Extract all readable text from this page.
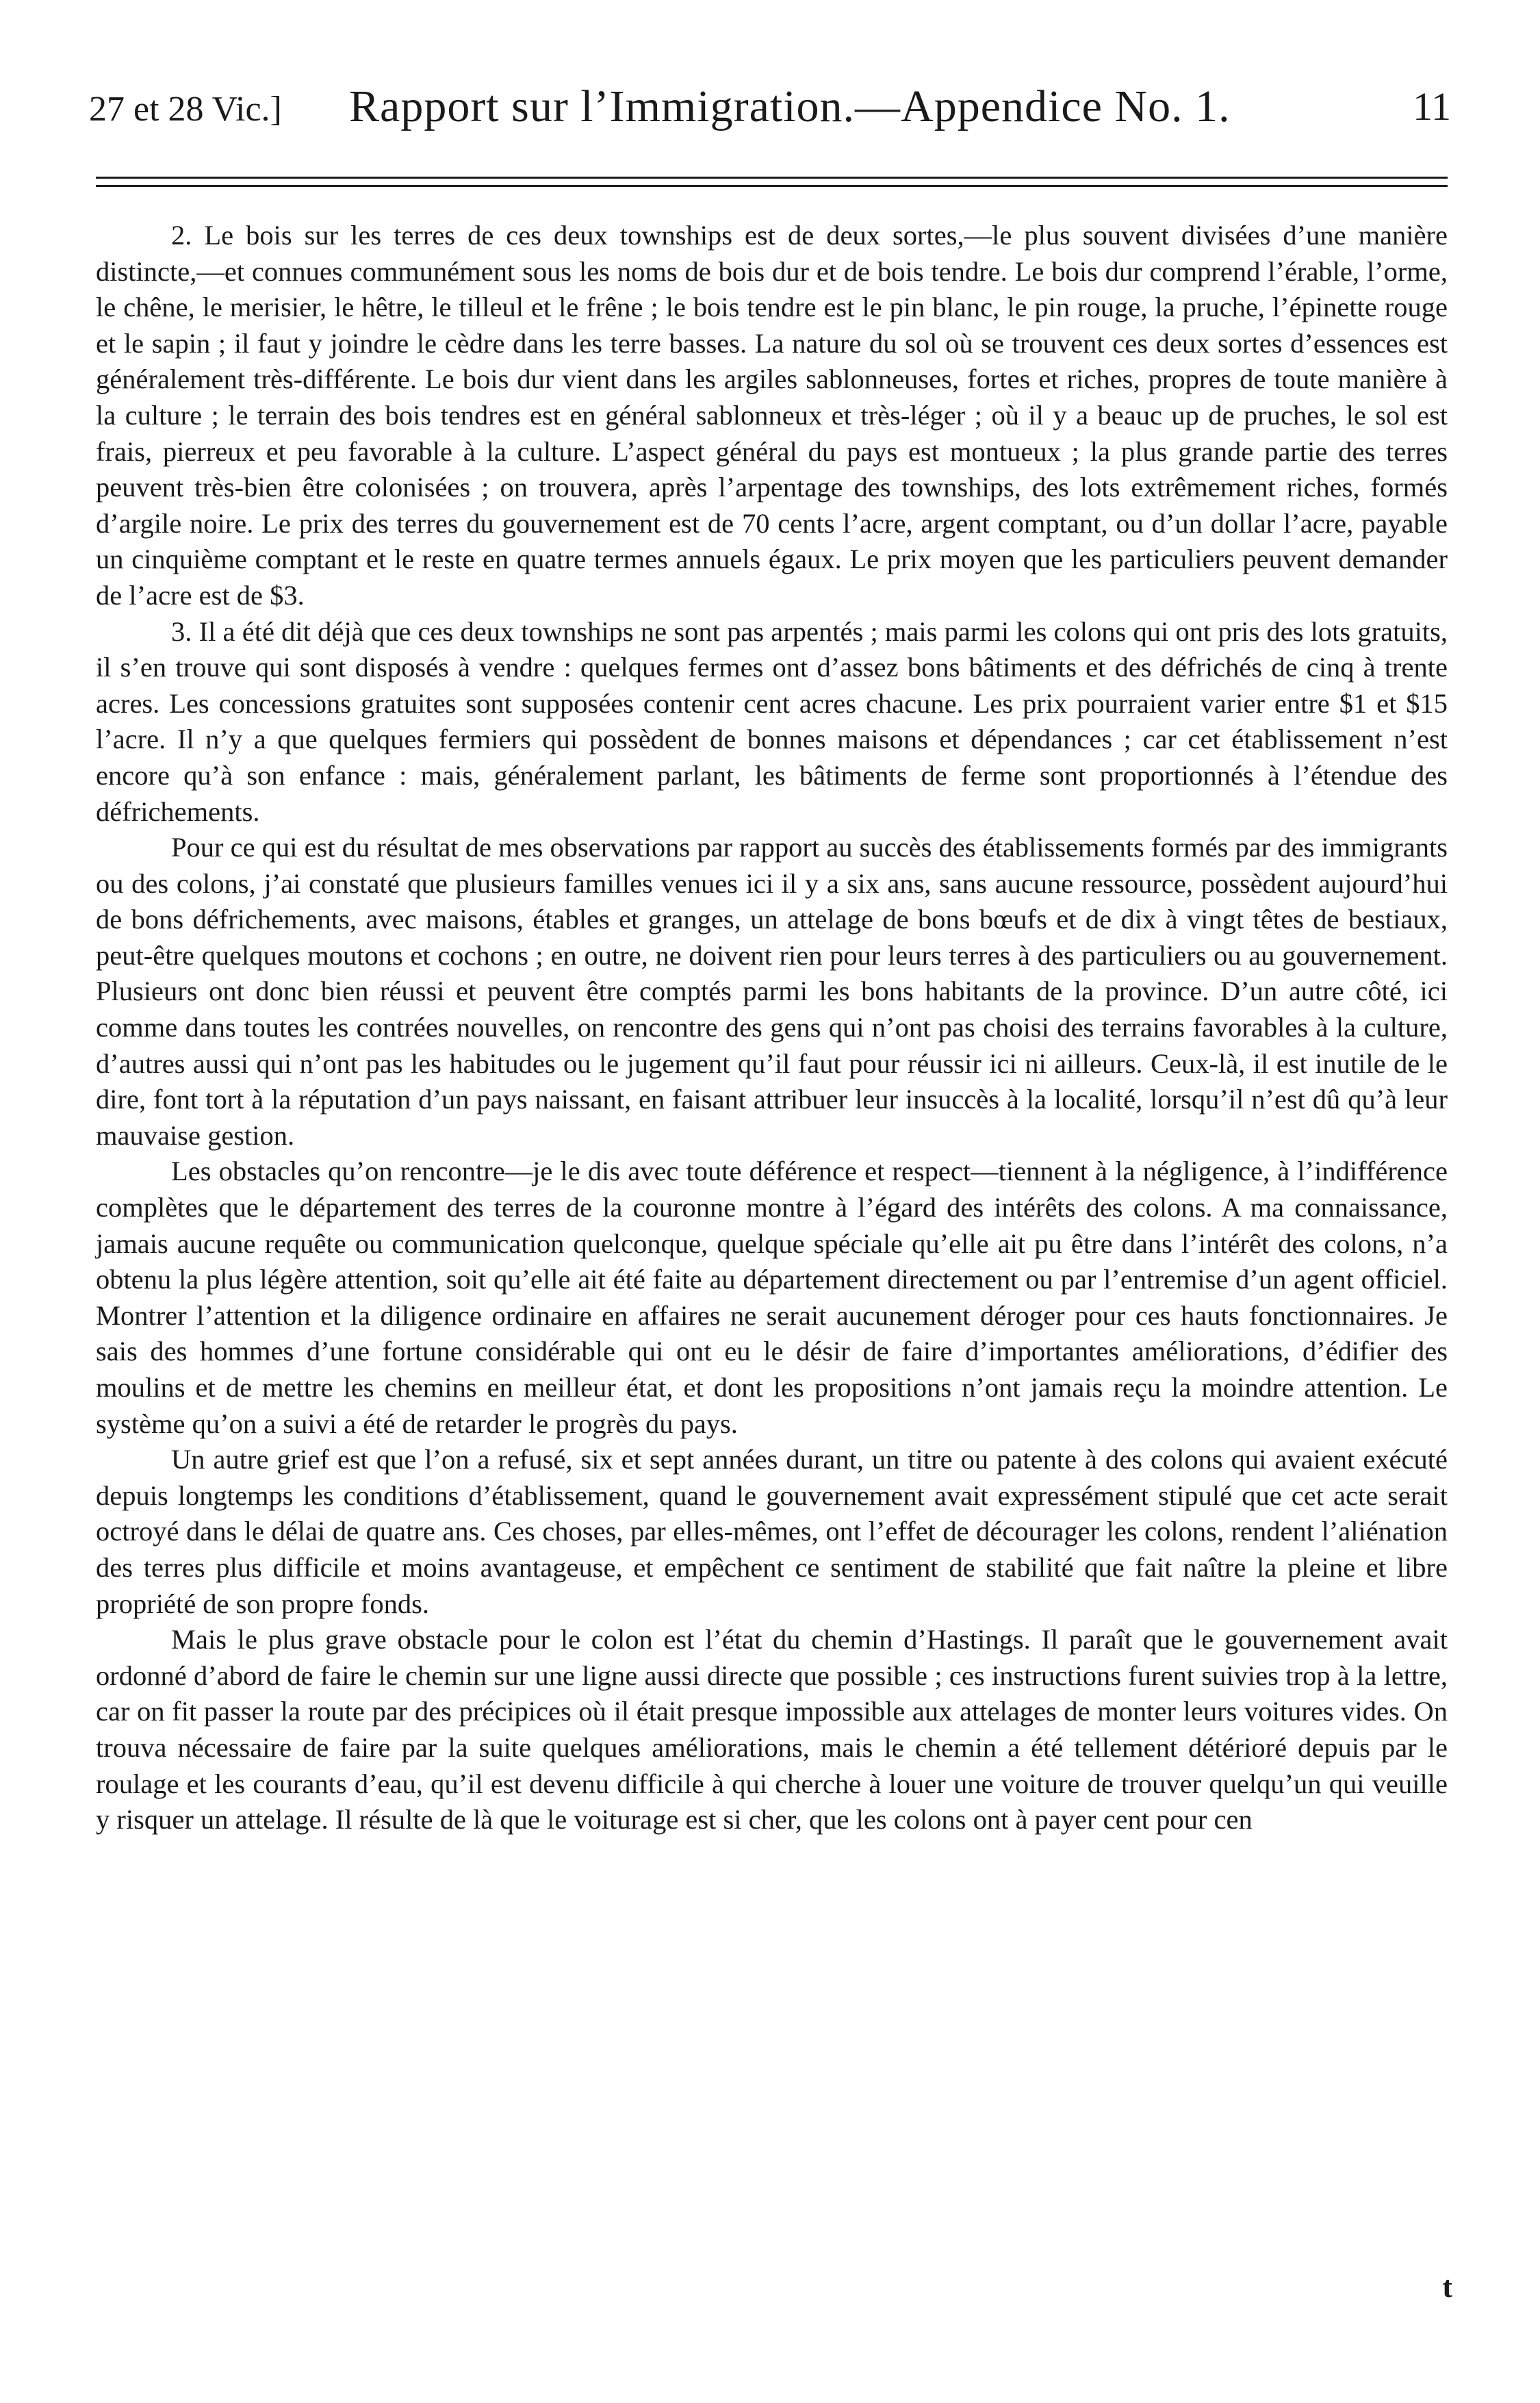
27 et 28 Vic.] Rapport sur l’Immigration.—Appendice No. 1.	11

2. Le bois sur les terres de ces deux townships est de deux sortes,—le plus souvent divisées d’une manière distincte,—et connues communément sous les noms de bois dur et de bois tendre. Le bois dur comprend l’érable, l’orme, le chêne, le merisier, le hêtre, le tilleul et le frêne ; le bois tendre est le pin blanc, le pin rouge, la pruche, l’épinette rouge et le sapin ; il faut y joindre le cèdre dans les terre basses. La nature du sol où se trouvent ces deux sortes d’essences est généralement très-différente. Le bois dur vient dans les argiles sablonneuses, fortes et riches, propres de toute manière à la culture ; le terrain des bois tendres est en général sablonneux et très-léger ; où il y a beauc up de pruches, le sol est frais, pierreux et peu favorable à la culture. L’aspect général du pays est montueux ; la plus grande partie des terres peuvent très-bien être colonisées ; on trouvera, après l’arpentage des townships, des lots extrêmement riches, formés d’argile noire. Le prix des terres du gouvernement est de 70 cents l’acre, argent comptant, ou d’un dollar l’acre, payable un cinquième comptant et le reste en quatre termes annuels égaux. Le prix moyen que les particuliers peuvent demander de l’acre est de $3.

3. Il a été dit déjà que ces deux townships ne sont pas arpentés ; mais parmi les colons qui ont pris des lots gratuits, il s’en trouve qui sont disposés à vendre : quelques fermes ont d’assez bons bâtiments et des défrichés de cinq à trente acres. Les concessions gratuites sont supposées contenir cent acres chacune. Les prix pourraient varier entre $1 et $15 l’acre. Il n’y a que quelques fermiers qui possèdent de bonnes maisons et dépendances ; car cet établissement n’est encore qu’à son enfance : mais, généralement parlant, les bâtiments de ferme sont proportionnés à l’étendue des défrichements.

Pour ce qui est du résultat de mes observations par rapport au succès des établissements formés par des immigrants ou des colons, j’ai constaté que plusieurs familles venues ici il y a six ans, sans aucune ressource, possèdent aujourd’hui de bons défrichements, avec maisons, étables et granges, un attelage de bons bœufs et de dix à vingt têtes de bestiaux, peut-être quelques moutons et cochons ; en outre, ne doivent rien pour leurs terres à des particuliers ou au gouvernement. Plusieurs ont donc bien réussi et peuvent être comptés parmi les bons habitants de la province. D’un autre côté, ici comme dans toutes les contrées nouvelles, on rencontre des gens qui n’ont pas choisi des terrains favorables à la culture, d’autres aussi qui n’ont pas les habitudes ou le jugement qu’il faut pour réussir ici ni ailleurs. Ceux-là, il est inutile de le dire, font tort à la réputation d’un pays naissant, en faisant attribuer leur insuccès à la localité, lorsqu’il n’est dû qu’à leur mauvaise gestion.

Les obstacles qu’on rencontre—je le dis avec toute déférence et respect—tiennent à la négligence, à l’indifférence complètes que le département des terres de la couronne montre à l’égard des intérêts des colons. A ma connaissance, jamais aucune requête ou communication quelconque, quelque spéciale qu’elle ait pu être dans l’intérêt des colons, n’a obtenu la plus légère attention, soit qu’elle ait été faite au département directement ou par l’entremise d’un agent officiel. Montrer l’attention et la diligence ordinaire en affaires ne serait aucunement déroger pour ces hauts fonctionnaires. Je sais des hommes d’une fortune considérable qui ont eu le désir de faire d’importantes améliorations, d’édifier des moulins et de mettre les chemins en meilleur état, et dont les propositions n’ont jamais reçu la moindre attention. Le système qu’on a suivi a été de retarder le progrès du pays.

Un autre grief est que l’on a refusé, six et sept années durant, un titre ou patente à des colons qui avaient exécuté depuis longtemps les conditions d’établissement, quand le gouvernement avait expressément stipulé que cet acte serait octroyé dans le délai de quatre ans. Ces choses, par elles-mêmes, ont l’effet de décourager les colons, rendent l’aliénation des terres plus difficile et moins avantageuse, et empêchent ce sentiment de stabilité que fait naître la pleine et libre propriété de son propre fonds.

Mais le plus grave obstacle pour le colon est l’état du chemin d’Hastings. Il paraît que le gouvernement avait ordonné d’abord de faire le chemin sur une ligne aussi directe que possible ; ces instructions furent suivies trop à la lettre, car on fit passer la route par des précipices où il était presque impossible aux attelages de monter leurs voitures vides. On trouva nécessaire de faire par la suite quelques améliorations, mais le chemin a été tellement détérioré depuis par le roulage et les courants d’eau, qu’il est devenu difficile à qui cherche à louer une voiture de trouver quelqu’un qui veuille y risquer un attelage. Il résulte de là que le voiturage est si cher, que les colons ont à payer cent pour cen

t
